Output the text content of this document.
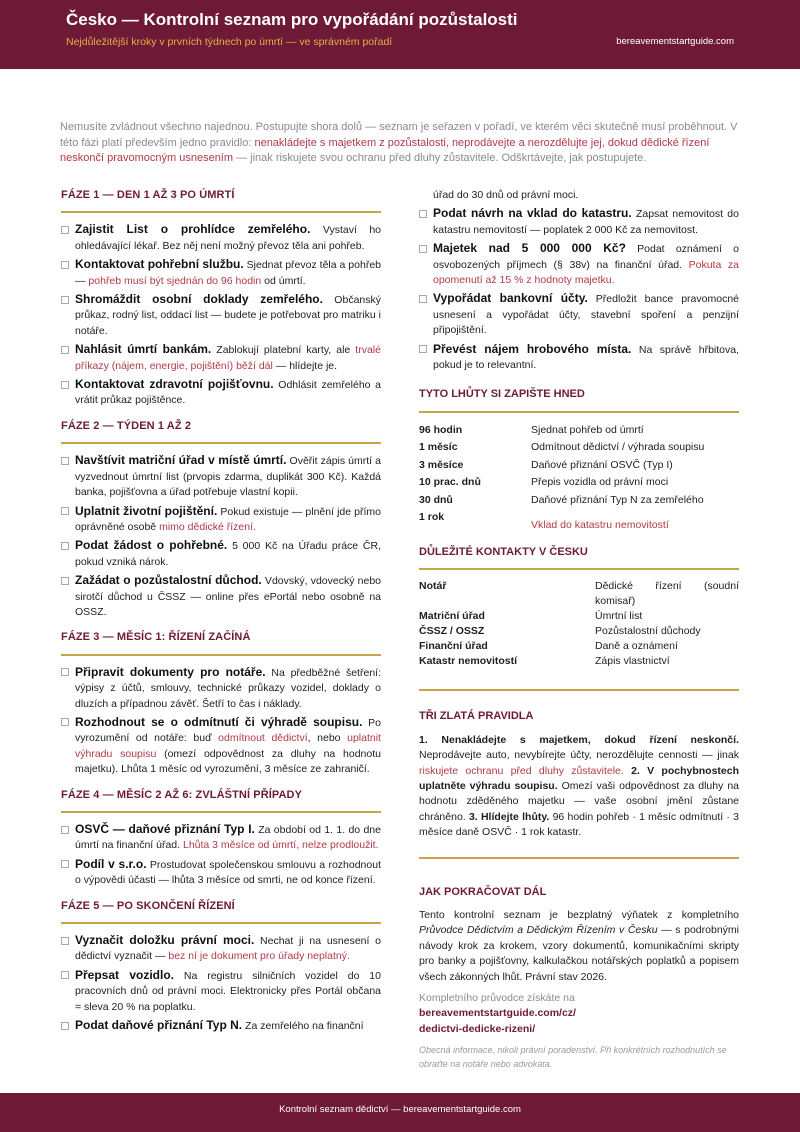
Česko — Kontrolní seznam pro vypořádání pozůstalosti
Nejdůležitější kroky v prvních týdnech po úmrtí — ve správném pořadí	bereavementstartguide.com
Nemusíte zvládnout všechno najednou. Postupujte shora dolů — seznam je seřazen v pořadí, ve kterém věci skutečně musí proběhnout. V této fázi platí především jedno pravidlo: nenakládejte s majetkem z pozůstalosti, neprodávejte a nerozdělujte jej, dokud dědické řízení neskončí pravomocným usnesením — jinak riskujete svou ochranu před dluhy zůstavitele. Odškrtávejte, jak postupujete.
FÁZE 1 — DEN 1 AŽ 3 PO ÚMRTÍ
Zajistit List o prohlídce zemřelého. Vystaví ho ohledávající lékař. Bez něj není možný převoz těla ani pohřeb.
Kontaktovat pohřební službu. Sjednat převoz těla a pohřeb — pohřeb musí být sjednán do 96 hodin od úmrtí.
Shromáždit osobní doklady zemřelého. Občanský průkaz, rodný list, oddací list — budete je potřebovat pro matriku i notáře.
Nahlásit úmrtí bankám. Zablokují platební karty, ale trvalé příkazy (nájem, energie, pojištění) běží dál — hlídejte je.
Kontaktovat zdravotní pojišťovnu. Odhlásit zemřelého a vrátit průkaz pojištěnce.
FÁZE 2 — TÝDEN 1 AŽ 2
Navštívit matriční úřad v místě úmrtí. Ověřit zápis úmrtí a vyzvednout úmrtní list (prvopis zdarma, duplikát 300 Kč). Každá banka, pojišťovna a úřad potřebuje vlastní kopii.
Uplatnit životní pojištění. Pokud existuje — plnění jde přímo oprávněné osobě mimo dědické řízení.
Podat žádost o pohřebné. 5 000 Kč na Úřadu práce ČR, pokud vzniká nárok.
Zažádat o pozůstalostní důchod. Vdovský, vdovecký nebo sirotčí důchod u ČSSZ — online přes ePortál nebo osobně na OSSZ.
FÁZE 3 — MĚSÍC 1: ŘÍZENÍ ZAČÍNÁ
Připravit dokumenty pro notáře. Na předběžné šetření: výpisy z účtů, smlouvy, technické průkazy vozidel, doklady o dluzích a případnou závěť. Šetří to čas i náklady.
Rozhodnout se o odmítnutí či výhradě soupisu. Po vyrozumění od notáře: buď odmítnout dědictví, nebo uplatnit výhradu soupisu (omezí odpovědnost za dluhy na hodnotu majetku). Lhůta 1 měsíc od vyrozumění, 3 měsíce ze zahraničí.
FÁZE 4 — MĚSÍC 2 AŽ 6: ZVLÁŠTNÍ PŘÍPADY
OSVČ — daňové přiznání Typ I. Za období od 1. 1. do dne úmrtí na finanční úřad. Lhůta 3 měsíce od úmrtí, nelze prodloužit.
Podíl v s.r.o. Prostudovat společenskou smlouvu a rozhodnout o výpovědi účasti — lhůta 3 měsíce od smrti, ne od konce řízení.
FÁZE 5 — PO SKONČENÍ ŘÍZENÍ
Vyznačit doložku právní moci. Nechat ji na usnesení o dědictví vyznačit — bez ní je dokument pro úřady neplatný.
Přepsat vozidlo. Na registru silničních vozidel do 10 pracovních dnů od právní moci. Elektronicky přes Portál občana = sleva 20 % na poplatku.
Podat daňové přiznání Typ N. Za zemřelého na finanční
úřad do 30 dnů od právní moci.
Podat návrh na vklad do katastru. Zapsat nemovitost do katastru nemovitostí — poplatek 2 000 Kč za nemovitost.
Majetek nad 5 000 000 Kč? Podat oznámení o osvobozených příjmech (§ 38v) na finanční úřad. Pokuta za opomenutí až 15 % z hodnoty majetku.
Vypořádat bankovní účty. Předložit bance pravomocné usnesení a vypořádat účty, stavební spoření a penzijní připojištění.
Převést nájem hrobového místa. Na správě hřbitova, pokud je to relevantní.
TYTO LHŮTY SI ZAPIŠTE HNED
96 hodin	Sjednat pohřeb od úmrtí
1 měsíc	Odmítnout dědictví / výhrada soupisu
3 měsíce	Daňové přiznání OSVČ (Typ I)
10 prac. dnů	Přepis vozidla od právní moci
30 dnů	Daňové přiznání Typ N za zemřelého
1 rok	Vklad do katastru nemovitostí
DŮLEŽITÉ KONTAKTY V ČESKU
Notář	Dědické řízení (soudní komisař)
Matriční úřad	Úmrtní list
ČSSZ / OSSZ	Pozůstalostní důchody
Finanční úřad	Daně a oznámení
Katastr nemovitostí	Zápis vlastnictví
TŘI ZLATÁ PRAVIDLA
1. Nenakládejte s majetkem, dokud řízení neskončí. Neprodávejte auto, nevybírejte účty, nerozdělujte cennosti — jinak riskujete ochranu před dluhy zůstavitele. 2. V pochybnostech uplatněte výhradu soupisu. Omezí vaši odpovědnost za dluhy na hodnotu zděděného majetku — vaše osobní jmění zůstane chráněno. 3. Hlídejte lhůty. 96 hodin pohřeb · 1 měsíc odmítnutí · 3 měsíce daně OSVČ · 1 rok katastr.
JAK POKRAČOVAT DÁL
Tento kontrolní seznam je bezplatný výňatek z kompletního Průvodce Dědictvím a Dědickým Řízením v Česku — s podrobnými návody krok za krokem, vzory dokumentů, komunikačními skripty pro banky a pojišťovny, kalkulačkou notářských poplatků a popisem všech zákonných lhůt. Právní stav 2026.
Kompletního průvodce získáte na
bereavementstartguide.com/cz/
dedictvi-dedicke-rizeni/
Obecná informace, nikoli právní poradenství. Při konkrétních rozhodnutích se obraťte na notáře nebo advokáta.
Kontrolní seznam dědictví — bereavementstartguide.com
